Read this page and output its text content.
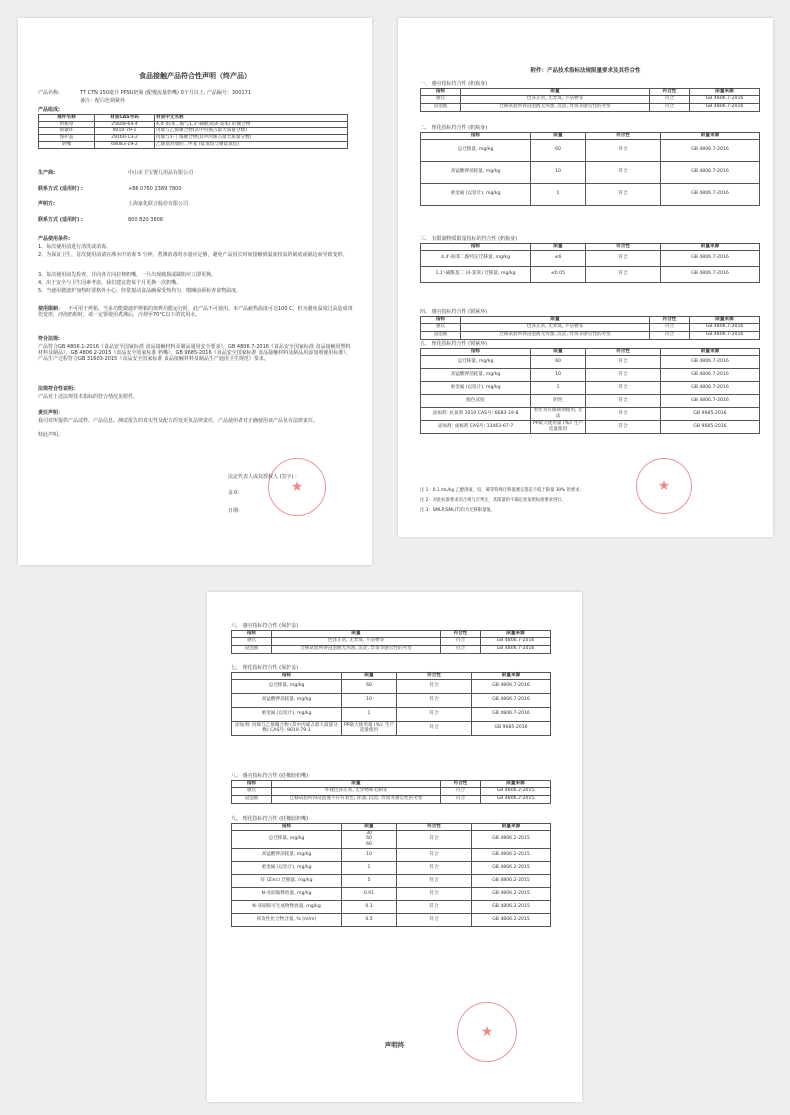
食品接触产品符合性声明（终产品）
产品名称:	TT CTN 150毫升 PPSU奶瓶 (配慢流量奶嘴) 0个月以上, 产品编号：300171
备注：配白色锁紧环
产品组成:
部件名称	材质CAS号码	材质中文名称
奶瓶身	25608-64-4	4,4'-联苯二酚与1,1'-磺酰双(4-氯苯) 的聚合物
锁紧环	9010-79-1	丙烯与乙烯聚合物(其中丙烯占最大质量分数)
保护盖	29160-13-2	丙烯与1-丁烯聚合物(其中丙烯占最大质量分数)
奶嘴	68083-19-2	乙烯基封端的二甲基 (硅氧烷与聚硅氧烷)
生产商:	中山市卫宝婴儿用品有限公司
联系方式 (适用时) :	+86 0760 2389 7800
声明方:	上海家化联合股份有限公司
联系方式 (适用时) :	800 820 3808
产品使用条件:
1、每次使用前进行清洗或消毒。
2、为保证卫生，首次使用前请在沸水中消毒 5 分钟，煮沸消毒时水量应足够，避免产品因长时间接触到温度较高的锅底或锅边而导致变形。
3、每次使用前先检查，并向各方向拉伸奶嘴，一旦出现破损或缺陷应立即更换。
4、出于安全与卫生因素考虑，我们建议您每个月更换一次奶嘴。
5、当使用微波炉加热时要格外小心，经常搅动食品确保受热均匀，喂哺前须检查食物温度。
使用限制： 不可用于烤箱，当多功能微波炉烤箱的烧烤功能运行时，此产品不可使用。本产品耐热温度可达100 C，但为避免温度过高造成烫伤变形，冲泡奶粉时，请一定要使用煮沸后，冷却至70°C以下的饮用水。
符合法规:
产品符合GB 4806.1-2016《食品安全国家标准 食品接触材料及制品通用安全要求》，GB 4806.7-2016《食品安全国家标准 食品接触用塑料材料及制品》，GB 4806.2-2015《食品安全国家标准 奶嘴》，GB 9685-2016《食品安全国家标准 食品接触材料及制品用添加剂使用标准》，产品生产过程符合GB 31603-2015《食品安全国家标准 食品接触材料及制品生产通用卫生规范》要求。
法规符合性说明:
产品对上述法规技术指标的符合情况见附件。
责任声明：
我司对所提供产品试样、产品信息、测试报告的真实性及配方的变更负法律责任，产品使用者对正确使用该产品负有法律责任。
特此声明。
法定代表人或其授权人 (签字) :
盖章:
日期:
★
附件：产品技术指标法规限量要求及其符合性
一、 感官指标符合性 (奶瓶身)
指标	限量	符合性	限量来源
感官	色泽正常, 无异臭, 不洁物等	符合	GB 4806.7-2016
浸泡液	迁移试验所得浸泡液无浑浊, 沉淀, 异臭等感官性的劣变	符合	GB 4806.7-2016
二、 理化指标符合性 (奶瓶身)
指标	限量	符合性	限量来源
总迁移量, mg/kg	60	符合	GB 4806.7-2016
高锰酸钾消耗量, mg/kg	10	符合	GB 4806.7-2016
重金属 (以铅计), mg/kg	1	符合	GB 4806.7-2016
三、 有限制物质限量指标的符合性 (奶瓶身)
指标	限量	符合性	限量来源
4,4'-联苯二酚特定迁移量, mg/kg	≤6	符合	GB 4806.7-2016
1,1'-磺酰基二 (4-氯苯) 迁移量, mg/kg	≤0.05	符合	GB 4806.7-2016
四、 感官指标符合性 (锁紧环)
指标	限量	符合性	限量来源
感官	色泽正常, 无异臭, 不洁物等	符合	GB 4806.7-2016
浸泡液	迁移试验所得浸泡液无浑浊, 沉淀, 异臭等感官性的劣变	符合	GB 4806.7-2016
五、 理化指标符合性 (锁紧环)
指标	限量	符合性	限量来源
总迁移量, mg/kg	60	符合	GB 4806.7-2016
高锰酸钾消耗量, mg/kg	10	符合	GB 4806.7-2016
重金属 (以铅计), mg/kg	1	符合	GB 4806.7-2016
脱色试验	阴性	符合	GB 4806.7-2016
添加剂: 抗氧剂 1010 CAS号: 6683-19-8	看作为有限制剂使用, 无法	符合	GB 9685-2016
添加剂: 成核剂 CAS号: 13463-67-7	PP最大使用量 (%): 生产适量使用	符合	GB 9685-2016
注 1：0.1 mL/kg 乙醇溶液，铅、砷等特殊迁移量测定都是不低于限量 30% 的要求；
注 2：对此标准要求的合规与否判定，其限量的不确定度按照标准要求进行。
注 3：SML和SML(T)均为迁移限量值。
★
六、 感官指标符合性 (保护盖)
指标	限量	符合性	限量来源
感官	色泽正常, 无异臭, 不洁物等	符合	GB 4806.7-2016
浸泡液	迁移试验所得浸泡液无浑浊, 沉淀, 异臭等感官性的劣变	符合	GB 4806.7-2016
七、 理化指标符合性 (保护盖)
指标	限量	符合性	限量来源
总迁移量, mg/kg	60	符合	GB 4806.7-2016
高锰酸钾消耗量, mg/kg	10	符合	GB 4806.7-2016
重金属 (以铅计), mg/kg	1	符合	GB 4806.7-2016
添加剂: 丙烯与乙烯聚合物 (其中丙烯占最大质量分数) CAS号: 9010-79-1	PP最大使用量 (%): 生产适量使用	符合	GB 9685-2016
八、 感官指标符合性 (硅橡胶奶嘴)
指标	限量	符合性	限量来源
感官	外观色泽正常, 无异物和毛刺等	符合	GB 4806.2-2015
浸泡液	迁移试验所得浸泡液不应有着色, 浑浊, 沉淀, 异臭等感官性的劣变	符合	GB 4806.2-2015
九、 理化指标符合性 (硅橡胶奶嘴)
指标	限量	符合性	限量来源
总迁移量, mg/kg	30
60
60	符合	GB 4806.2-2015
高锰酸钾消耗量, mg/kg	10	符合	GB 4806.2-2015
重金属 (以铅计), mg/kg	1	符合	GB 4806.2-2015
锌 (Zinc) 迁移量, mg/kg	5	符合	GB 4806.2-2015
N-亚硝胺释放量, mg/kg	0.01	符合	GB 4806.2-2015
N-亚硝胺可生成物释放量, mg/kg	0.1	符合	GB 4806.2-2015
挥发性化合物含量, % (m/m)	0.5	符合	GB 4806.2-2015
声明终
★
